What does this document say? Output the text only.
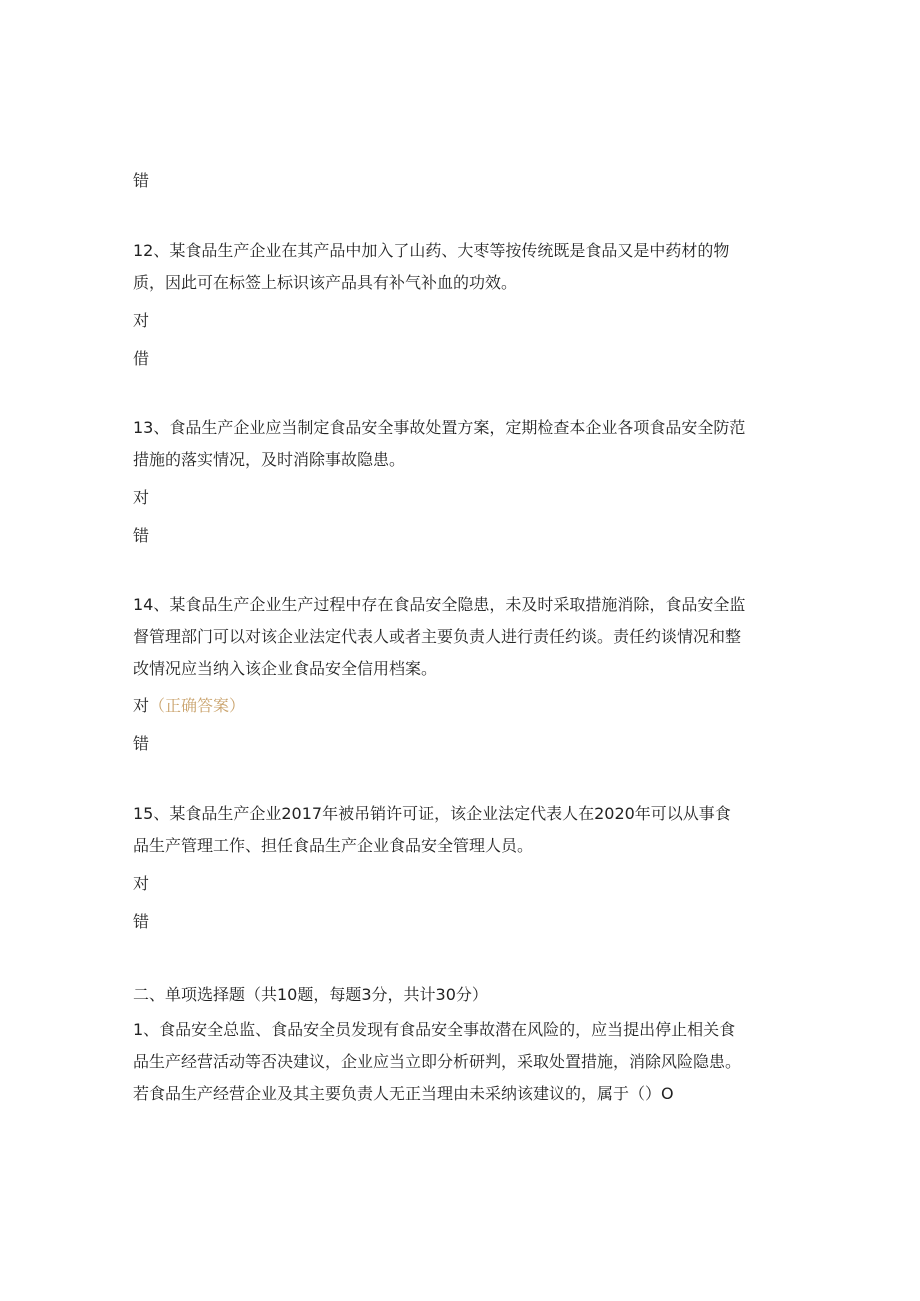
错
12、某食品生产企业在其产品中加入了山药、大枣等按传统既是食品又是中药材的物
质，因此可在标签上标识该产品具有补气补血的功效。
对
借
13、食品生产企业应当制定食品安全事故处置方案，定期检查本企业各项食品安全防范
措施的落实情况，及时消除事故隐患。
对
错
14、某食品生产企业生产过程中存在食品安全隐患，未及时采取措施消除，食品安全监
督管理部门可以对该企业法定代表人或者主要负责人进行责任约谈。责任约谈情况和整
改情况应当纳入该企业食品安全信用档案。
对（正确答案）
错
15、某食品生产企业2017年被吊销许可证，该企业法定代表人在2020年可以从事食
品生产管理工作、担任食品生产企业食品安全管理人员。
对
错
二、单项选择题（共10题，每题3分，共计30分）
1、食品安全总监、食品安全员发现有食品安全事故潜在风险的，应当提出停止相关食
品生产经营活动等否决建议，企业应当立即分析研判，采取处置措施，消除风险隐患。
若食品生产经营企业及其主要负责人无正当理由未采纳该建议的，属于（）O
